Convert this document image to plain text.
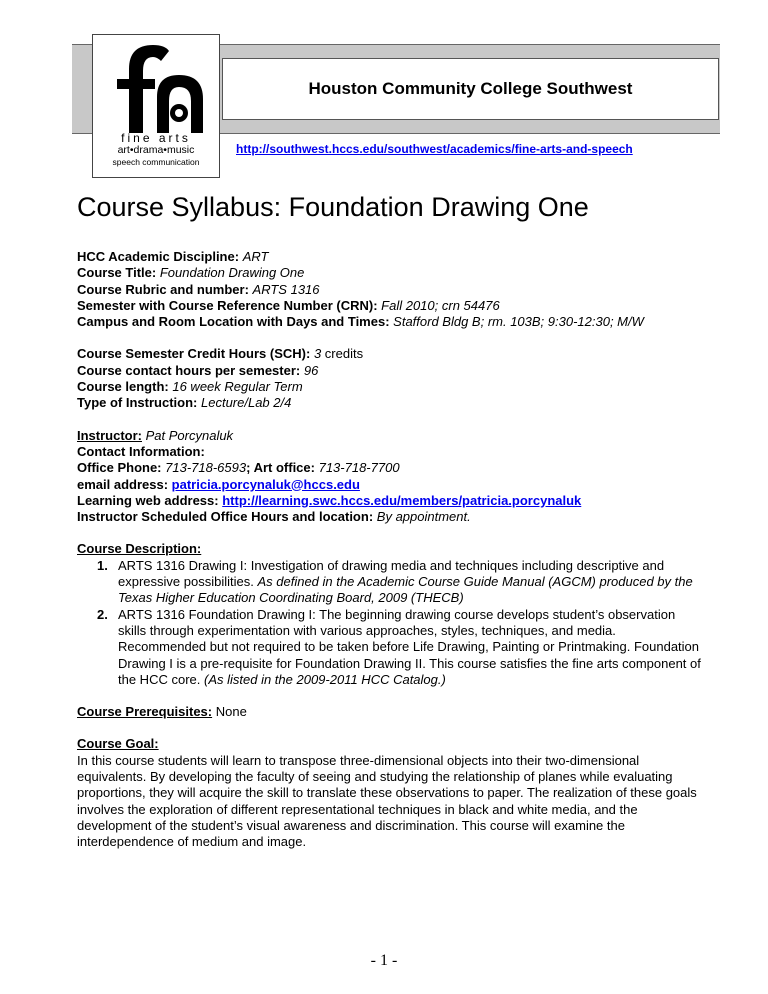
Houston Community College Southwest
fine arts
art•drama•music
speech communication
http://southwest.hccs.edu/southwest/academics/fine-arts-and-speech
Course Syllabus: Foundation Drawing One

HCC Academic Discipline: ART

Course Title: Foundation Drawing One

Course Rubric and number: ARTS 1316

Semester with Course Reference Number (CRN): Fall 2010; crn 54476

Campus and Room Location with Days and Times: Stafford Bldg B; rm. 103B; 9:30-12:30; M/W

Course Semester Credit Hours (SCH): 3 credits

Course contact hours per semester: 96

Course length: 16 week Regular Term

Type of Instruction: Lecture/Lab 2/4

Instructor: Pat Porcynaluk

Contact Information:

Office Phone: 713-718-6593; Art office: 713-718-7700

email address: patricia.porcynaluk@hccs.edu

Learning web address: http://learning.swc.hccs.edu/members/patricia.porcynaluk

Instructor Scheduled Office Hours and location: By appointment.

Course Description:

1. ARTS 1316 Drawing I: Investigation of drawing media and techniques including descriptive and expressive possibilities. As defined in the Academic Course Guide Manual (AGCM) produced by the Texas Higher Education Coordinating Board, 2009 (THECB)
2. ARTS 1316 Foundation Drawing I: The beginning drawing course develops student’s observation skills through experimentation with various approaches, styles, techniques, and media. Recommended but not required to be taken before Life Drawing, Painting or Printmaking. Foundation Drawing I is a pre-requisite for Foundation Drawing II. This course satisfies the fine arts component of the HCC core. (As listed in the 2009-2011 HCC Catalog.)

Course Prerequisites: None

Course Goal:

In this course students will learn to transpose three-dimensional objects into their two-dimensional equivalents. By developing the faculty of seeing and studying the relationship of planes while evaluating proportions, they will acquire the skill to translate these observations to paper. The realization of these goals involves the exploration of different representational techniques in black and white media, and the development of the student’s visual awareness and discrimination. This course will examine the interdependence of medium and image.

- 1 -
